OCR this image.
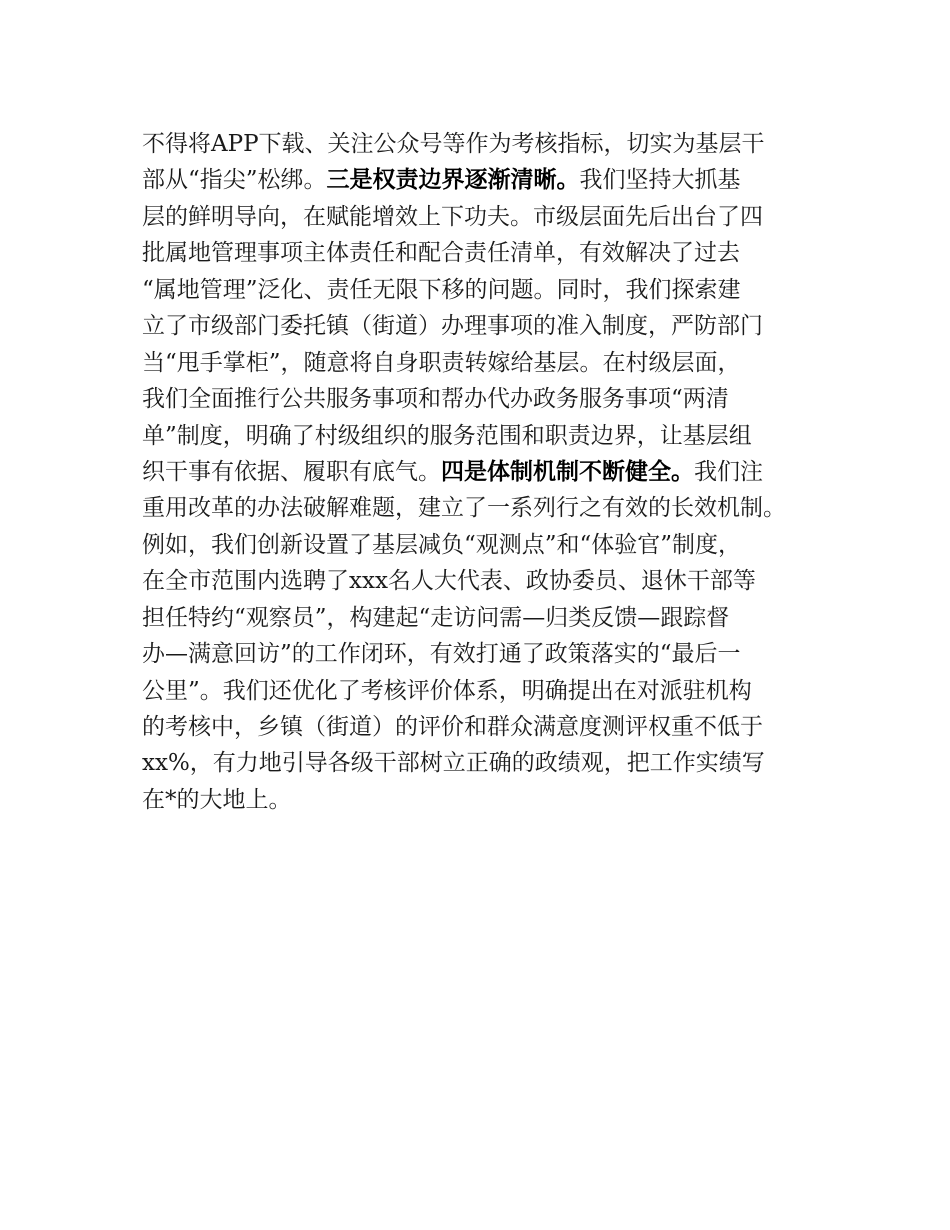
不得将APP下载、关注公众号等作为考核指标，切实为基层干
部从“指尖”松绑。三是权责边界逐渐清晰。我们坚持大抓基
层的鲜明导向，在赋能增效上下功夫。市级层面先后出台了四
批属地管理事项主体责任和配合责任清单，有效解决了过去
“属地管理”泛化、责任无限下移的问题。同时，我们探索建
立了市级部门委托镇（街道）办理事项的准入制度，严防部门
当“甩手掌柜”，随意将自身职责转嫁给基层。在村级层面，
我们全面推行公共服务事项和帮办代办政务服务事项“两清
单”制度，明确了村级组织的服务范围和职责边界，让基层组
织干事有依据、履职有底气。四是体制机制不断健全。我们注
重用改革的办法破解难题，建立了一系列行之有效的长效机制。
例如，我们创新设置了基层减负“观测点”和“体验官”制度，
在全市范围内选聘了xxx名人大代表、政协委员、退休干部等
担任特约“观察员”，构建起“走访问需—归类反馈—跟踪督
办—满意回访”的工作闭环，有效打通了政策落实的“最后一
公里”。我们还优化了考核评价体系，明确提出在对派驻机构
的考核中，乡镇（街道）的评价和群众满意度测评权重不低于
xx%，有力地引导各级干部树立正确的政绩观，把工作实绩写
在*的大地上。
